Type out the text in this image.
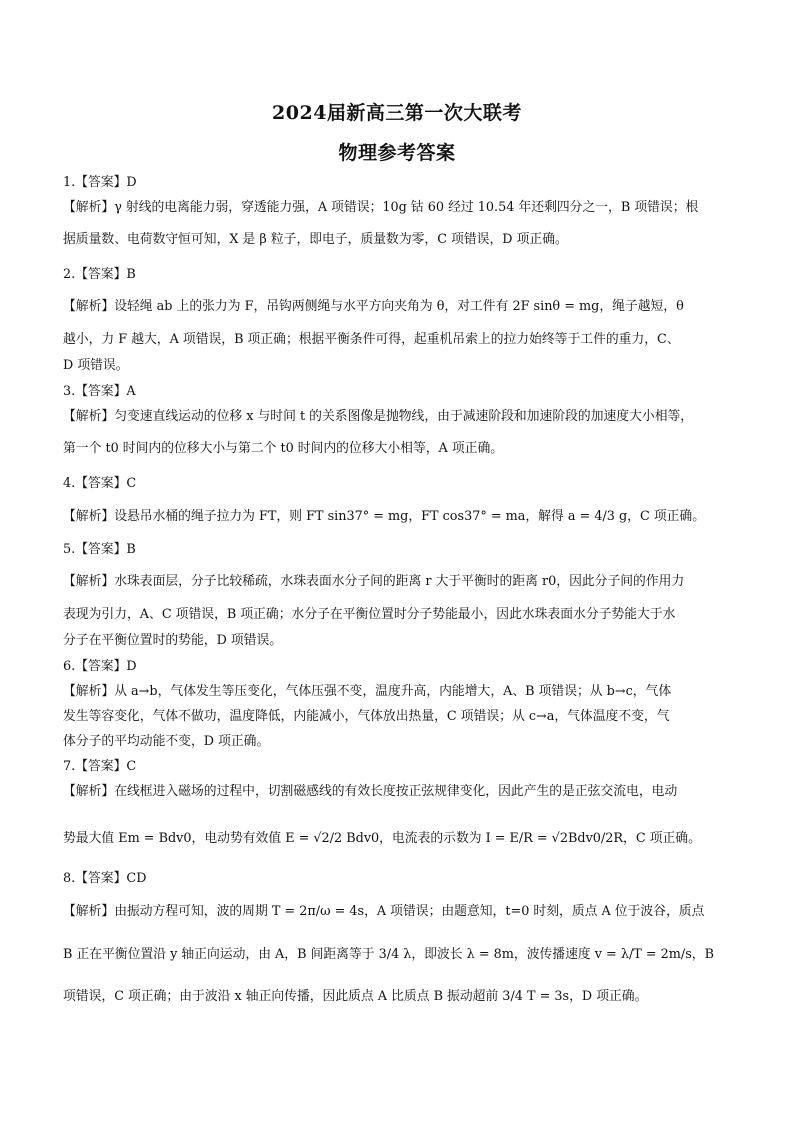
2024届新高三第一次大联考
物理参考答案
1.【答案】D
【解析】γ 射线的电离能力弱，穿透能力强，A 项错误；10g 钴 60 经过 10.54 年还剩四分之一，B 项错误；根
据质量数、电荷数守恒可知，X 是 β 粒子，即电子，质量数为零，C 项错误，D 项正确。
2.【答案】B
【解析】设轻绳 ab 上的张力为 F，吊钩两侧绳与水平方向夹角为 θ，对工件有 2F sinθ = mg，绳子越短，θ
越小，力 F 越大，A 项错误，B 项正确；根据平衡条件可得，起重机吊索上的拉力始终等于工件的重力，C、
D 项错误。
3.【答案】A
【解析】匀变速直线运动的位移 x 与时间 t 的关系图像是抛物线，由于减速阶段和加速阶段的加速度大小相等，
第一个 t0 时间内的位移大小与第二个 t0 时间内的位移大小相等，A 项正确。
4.【答案】C
【解析】设悬吊水桶的绳子拉力为 FT，则 FT sin37° = mg，FT cos37° = ma，解得 a = 4/3 g，C 项正确。
5.【答案】B
【解析】水珠表面层，分子比较稀疏，水珠表面水分子间的距离 r 大于平衡时的距离 r0，因此分子间的作用力
表现为引力，A、C 项错误，B 项正确；水分子在平衡位置时分子势能最小，因此水珠表面水分子势能大于水
分子在平衡位置时的势能，D 项错误。
6.【答案】D
【解析】从 a→b，气体发生等压变化，气体压强不变，温度升高，内能增大，A、B 项错误；从 b→c，气体
发生等容变化，气体不做功，温度降低，内能减小，气体放出热量，C 项错误；从 c→a，气体温度不变，气
体分子的平均动能不变，D 项正确。
7.【答案】C
【解析】在线框进入磁场的过程中，切割磁感线的有效长度按正弦规律变化，因此产生的是正弦交流电，电动
势最大值 Em = Bdv0，电动势有效值 E = √2/2 Bdv0，电流表的示数为 I = E/R = √2Bdv0/2R，C 项正确。
8.【答案】CD
【解析】由振动方程可知，波的周期 T = 2π/ω = 4s，A 项错误；由题意知，t=0 时刻，质点 A 位于波谷，质点
B 正在平衡位置沿 y 轴正向运动，由 A，B 间距离等于 3/4 λ，即波长 λ = 8m，波传播速度 v = λ/T = 2m/s，B
项错误，C 项正确；由于波沿 x 轴正向传播，因此质点 A 比质点 B 振动超前 3/4 T = 3s，D 项正确。
